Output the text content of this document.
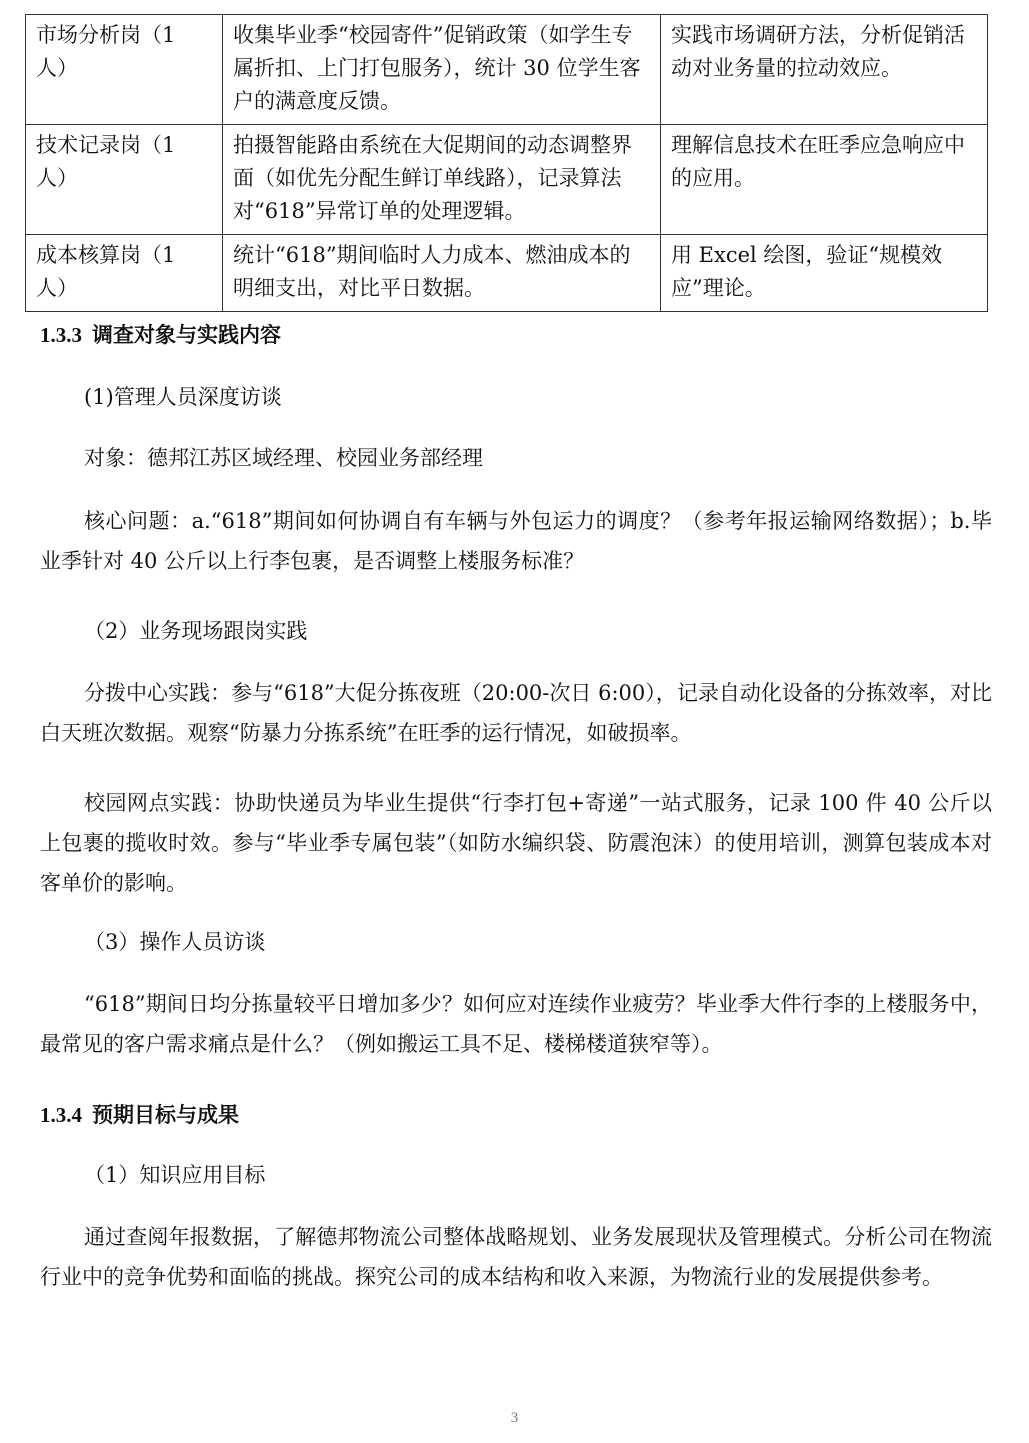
市场分析岗（1 人）	收集毕业季“校园寄件”促销政策（如学生专属折扣、上门打包服务），统计 30 位学生客户的满意度反馈。	实践市场调研方法，分析促销活动对业务量的拉动效应。
技术记录岗（1 人）	拍摄智能路由系统在大促期间的动态调整界面（如优先分配生鲜订单线路），记录算法对“618”异常订单的处理逻辑。	理解信息技术在旺季应急响应中的应用。
成本核算岗（1 人）	统计“618”期间临时人力成本、燃油成本的明细支出，对比平日数据。	用 Excel 绘图，验证“规模效应”理论。
1.3.3 调查对象与实践内容
(1)管理人员深度访谈

对象：德邦江苏区域经理、校园业务部经理

核心问题：a.“618”期间如何协调自有车辆与外包运力的调度？（参考年报运输网络数据）；b.毕业季针对 40 公斤以上行李包裹，是否调整上楼服务标准？

（2）业务现场跟岗实践

分拨中心实践：参与“618”大促分拣夜班（20:00-次日 6:00），记录自动化设备的分拣效率，对比白天班次数据。观察“防暴力分拣系统”在旺季的运行情况，如破损率。

校园网点实践：协助快递员为毕业生提供“行李打包+寄递”一站式服务，记录 100 件 40 公斤以上包裹的揽收时效。参与“毕业季专属包装”（如防水编织袋、防震泡沫）的使用培训，测算包装成本对客单价的影响。

（3）操作人员访谈

“618”期间日均分拣量较平日增加多少？如何应对连续作业疲劳？毕业季大件行李的上楼服务中，最常见的客户需求痛点是什么？（例如搬运工具不足、楼梯楼道狭窄等）。

1.3.4 预期目标与成果
（1）知识应用目标

通过查阅年报数据，了解德邦物流公司整体战略规划、业务发展现状及管理模式。分析公司在物流行业中的竞争优势和面临的挑战。探究公司的成本结构和收入来源，为物流行业的发展提供参考。

3
